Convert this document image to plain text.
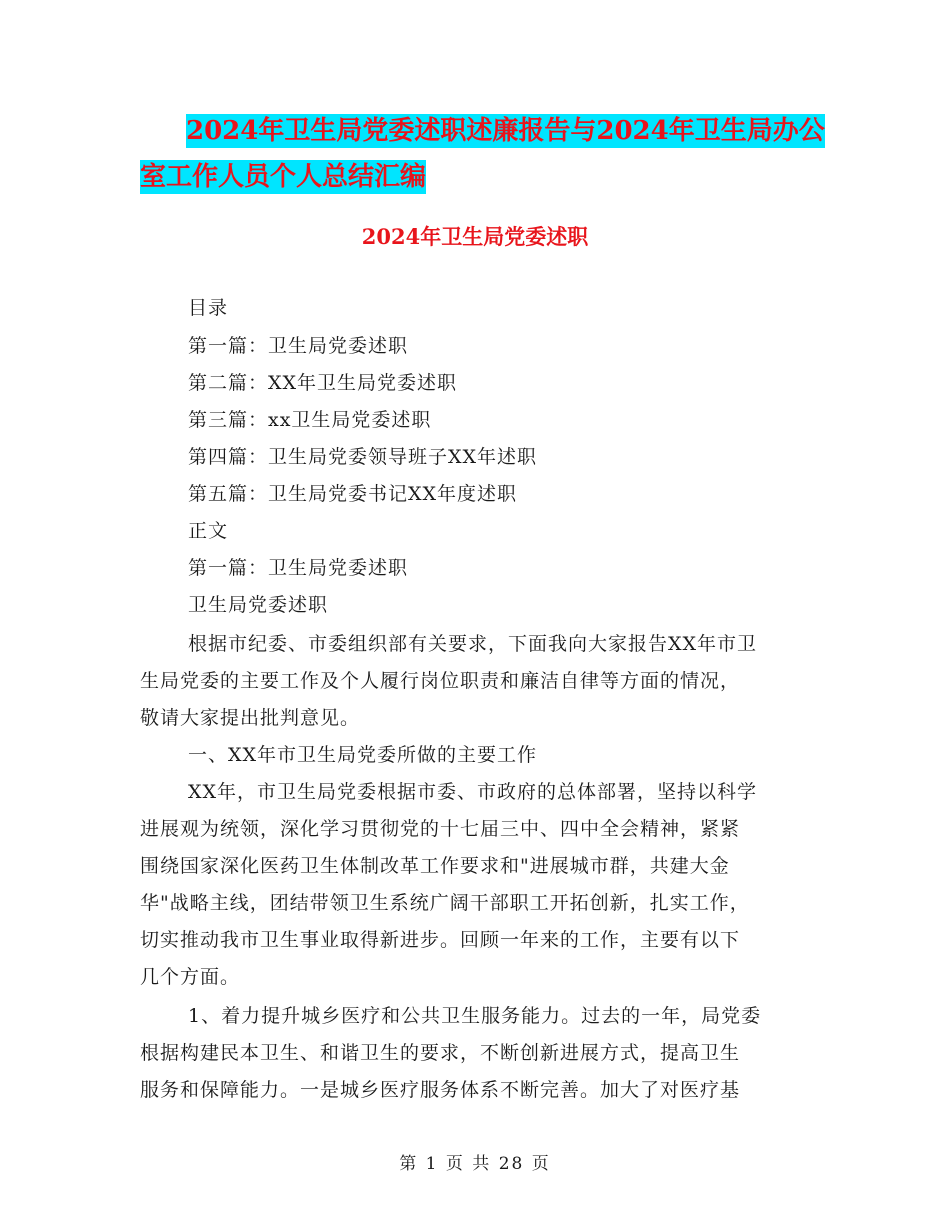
2024年卫生局党委述职述廉报告与2024年卫生局办公
室工作人员个人总结汇编
2024年卫生局党委述职
目录
第一篇：卫生局党委述职
第二篇：XX年卫生局党委述职
第三篇：xx卫生局党委述职
第四篇：卫生局党委领导班子XX年述职
第五篇：卫生局党委书记XX年度述职
正文
第一篇：卫生局党委述职
卫生局党委述职
根据市纪委、市委组织部有关要求，下面我向大家报告XX年市卫
生局党委的主要工作及个人履行岗位职责和廉洁自律等方面的情况，
敬请大家提出批判意见。
一、XX年市卫生局党委所做的主要工作
XX年，市卫生局党委根据市委、市政府的总体部署，坚持以科学
进展观为统领，深化学习贯彻党的十七届三中、四中全会精神，紧紧
围绕国家深化医药卫生体制改革工作要求和"进展城市群，共建大金
华"战略主线，团结带领卫生系统广阔干部职工开拓创新，扎实工作，
切实推动我市卫生事业取得新进步。回顾一年来的工作，主要有以下
几个方面。
1、着力提升城乡医疗和公共卫生服务能力。过去的一年，局党委
根据构建民本卫生、和谐卫生的要求，不断创新进展方式，提高卫生
服务和保障能力。一是城乡医疗服务体系不断完善。加大了对医疗基
第 1 页 共 28 页
